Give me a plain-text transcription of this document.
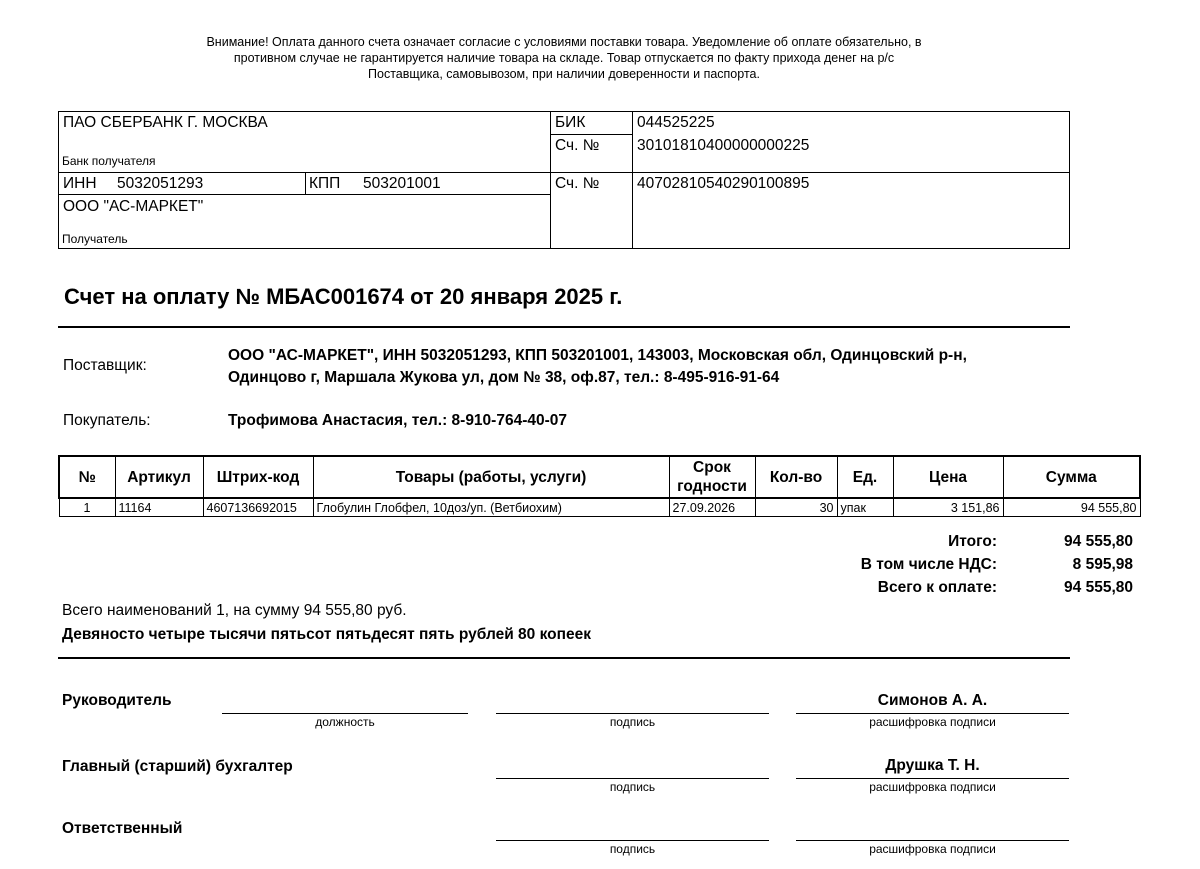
Внимание! Оплата данного счета означает согласие с условиями поставки товара. Уведомление об оплате обязательно, в противном случае не гарантируется наличие товара на складе. Товар отпускается по факту прихода денег на р/с Поставщика, самовывозом, при наличии доверенности и паспорта.
ПАО СБЕРБАНК Г. МОСКВА
Банк получателя
БИК	044525225
Сч. № 30101810400000000225
ИНН 5032051293	КПП 503201001	Сч. № 40702810540290100895
ООО "АС-МАРКЕТ"
Получатель
Счет на оплату № МБАС001674 от 20 января 2025 г.
Поставщик:
ООО "АС-МАРКЕТ", ИНН 5032051293, КПП 503201001, 143003, Московская обл, Одинцовский р-н,
Одинцово г, Маршала Жукова ул, дом № 38, оф.87, тел.: 8-495-916-91-64
Покупатель:	Трофимова Анастасия, тел.: 8-910-764-40-07
№	Артикул	Штрих-код	Товары (работы, услуги)	Срок годности	Кол-во	Ед.	Цена	Сумма
1	11164	4607136692015	Глобулин Глобфел, 10доз/уп. (Ветбиохим)	27.09.2026	30	упак	3 151,86	94 555,80
Итого:	94 555,80
В том числе НДС:	8 595,98
Всего к оплате:	94 555,80
Всего наименований 1, на сумму 94 555,80 руб.
Девяносто четыре тысячи пятьсот пятьдесят пять рублей 80 копеек
Руководитель
должность	подпись
Симонов А. А.
расшифровка подписи
Главный (старший) бухгалтер
подпись
Друшка Т. Н.
расшифровка подписи
Ответственный
подпись	расшифровка подписи
